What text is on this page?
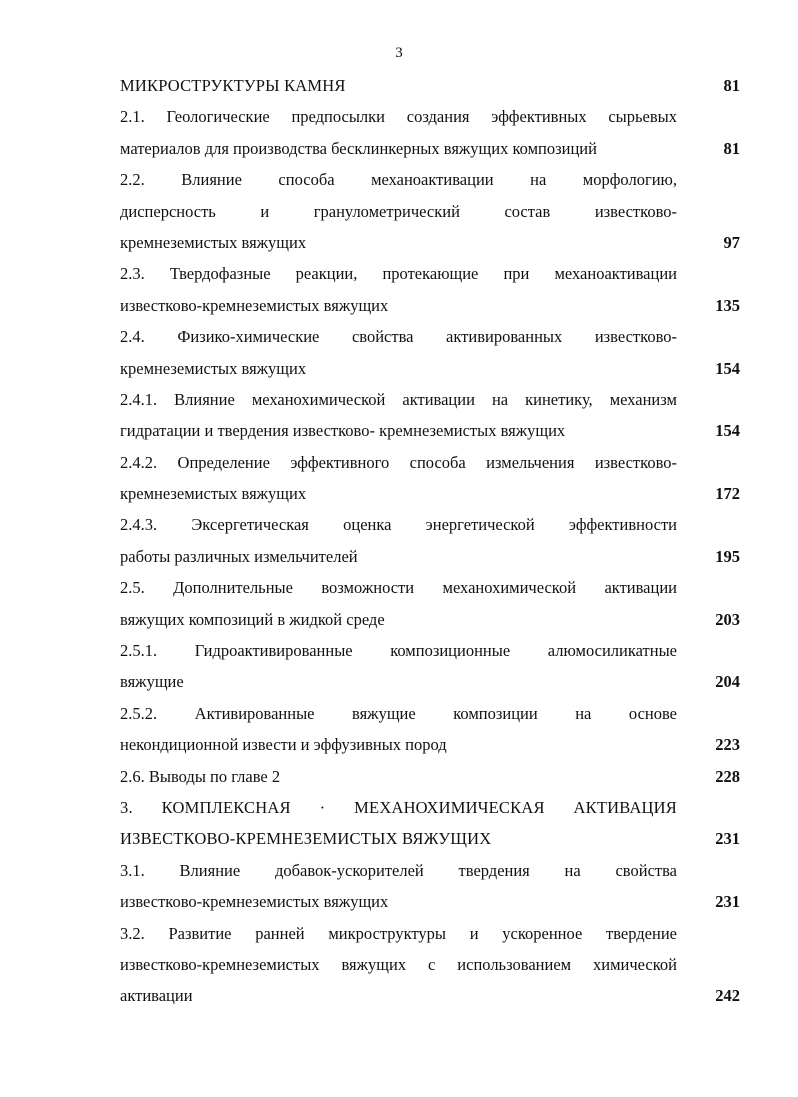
3
МИКРОСТРУКТУРЫ КАМНЯ	81
2.1. Геологические предпосылки создания эффективных сырьевых
материалов для производства бесклинкерных вяжущих композиций	81
2.2. Влияние способа механоактивации на морфологию,
дисперсность и гранулометрический состав известково-
кремнеземистых вяжущих	97
2.3. Твердофазные реакции, протекающие при механоактивации
известково-кремнеземистых вяжущих	135
2.4. Физико-химические свойства активированных известково-
кремнеземистых вяжущих	154
2.4.1. Влияние механохимической активации на кинетику, механизм
гидратации и твердения известково- кремнеземистых вяжущих	154
2.4.2. Определение эффективного способа измельчения известково-
кремнеземистых вяжущих	172
2.4.3. Эксергетическая оценка энергетической эффективности
работы различных измельчителей	195
2.5. Дополнительные возможности механохимической активации
вяжущих композиций в жидкой среде	203
2.5.1. Гидроактивированные композиционные алюмосиликатные
вяжущие	204
2.5.2. Активированные вяжущие композиции на основе
некондиционной извести и эффузивных пород	223
2.6. Выводы по главе 2	228
3. КОМПЛЕКСНАЯ · МЕХАНОХИМИЧЕСКАЯ АКТИВАЦИЯ
ИЗВЕСТКОВО-КРЕМНЕЗЕМИСТЫХ ВЯЖУЩИХ	231
3.1. Влияние добавок-ускорителей твердения на свойства
известково-кремнеземистых вяжущих	231
3.2. Развитие ранней микроструктуры и ускоренное твердение
известково-кремнеземистых вяжущих с использованием химической
активации	242
